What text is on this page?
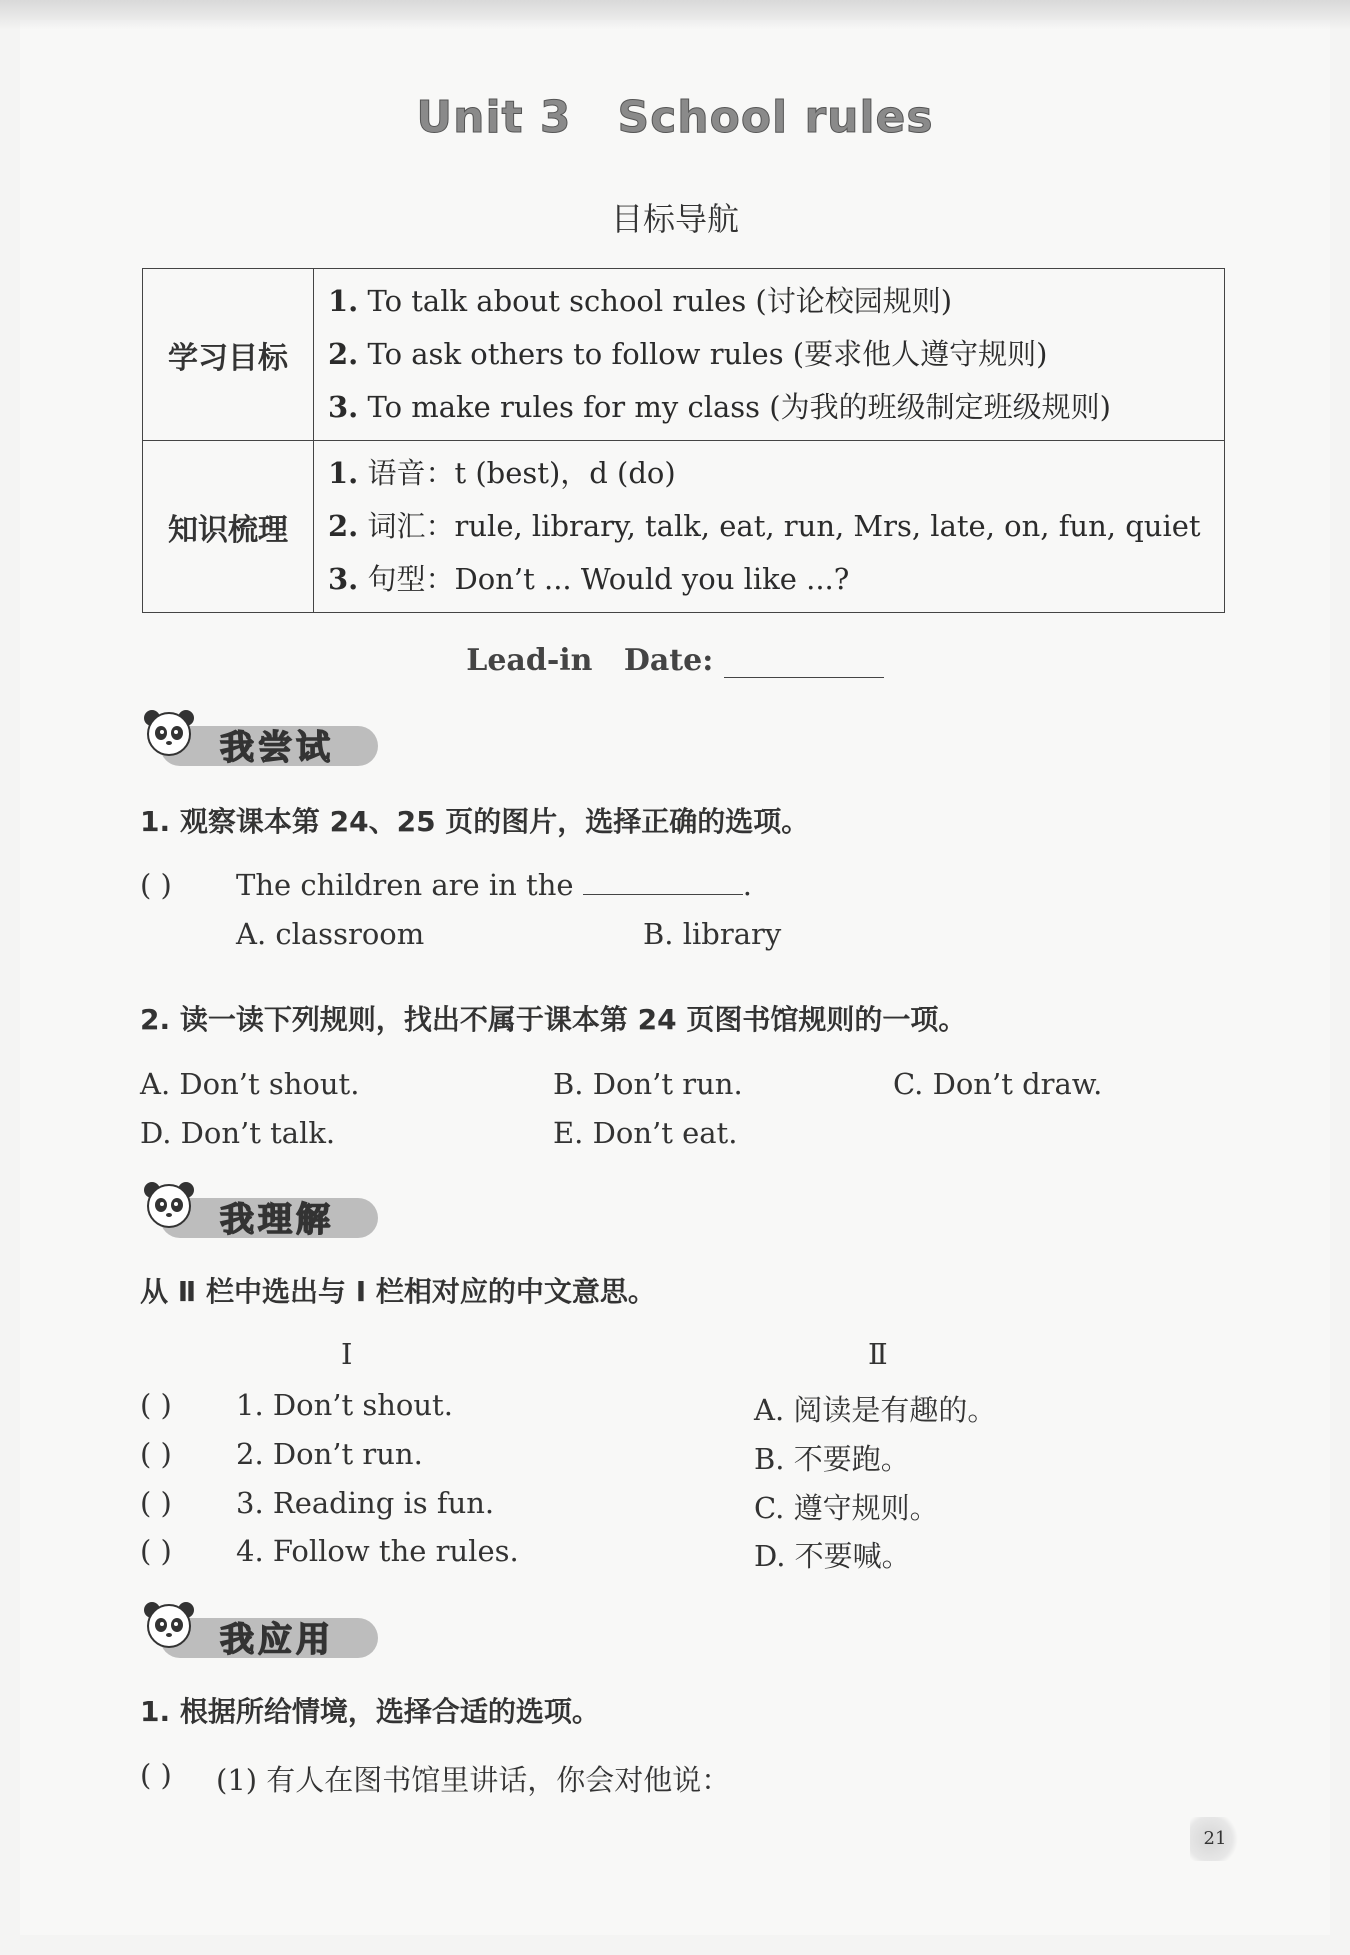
Unit 3 School rules
目标导航
学习目标	1. To talk about school rules (讨论校园规则)
2. To ask others to follow rules (要求他人遵守规则)
3. To make rules for my class (为我的班级制定班级规则)

知识梳理	1. 语音：t (best)，d (do)
2. 词汇：rule, library, talk, eat, run, Mrs, late, on, fun, quiet
3. 句型：Don’t ... Would you like ...?
Lead-in Date:
我尝试
1. 观察课本第 24、25 页的图片，选择正确的选项。
( ) The children are in the	.
A. classroom	B. library
2. 读一读下列规则，找出不属于课本第 24 页图书馆规则的一项。
A. Don’t shout.	B. Don’t run.	C. Don’t draw.
D. Don’t talk.	E. Don’t eat.
我理解
从 Ⅱ 栏中选出与 Ⅰ 栏相对应的中文意思。
Ⅰ	Ⅱ
( ) 1. Don’t shout.	A. 阅读是有趣的。
( ) 2. Don’t run.	B. 不要跑。
( ) 3. Reading is fun.	C. 遵守规则。
( ) 4. Follow the rules.	D. 不要喊。
我应用
1. 根据所给情境，选择合适的选项。
( ) (1) 有人在图书馆里讲话，你会对他说：
21
